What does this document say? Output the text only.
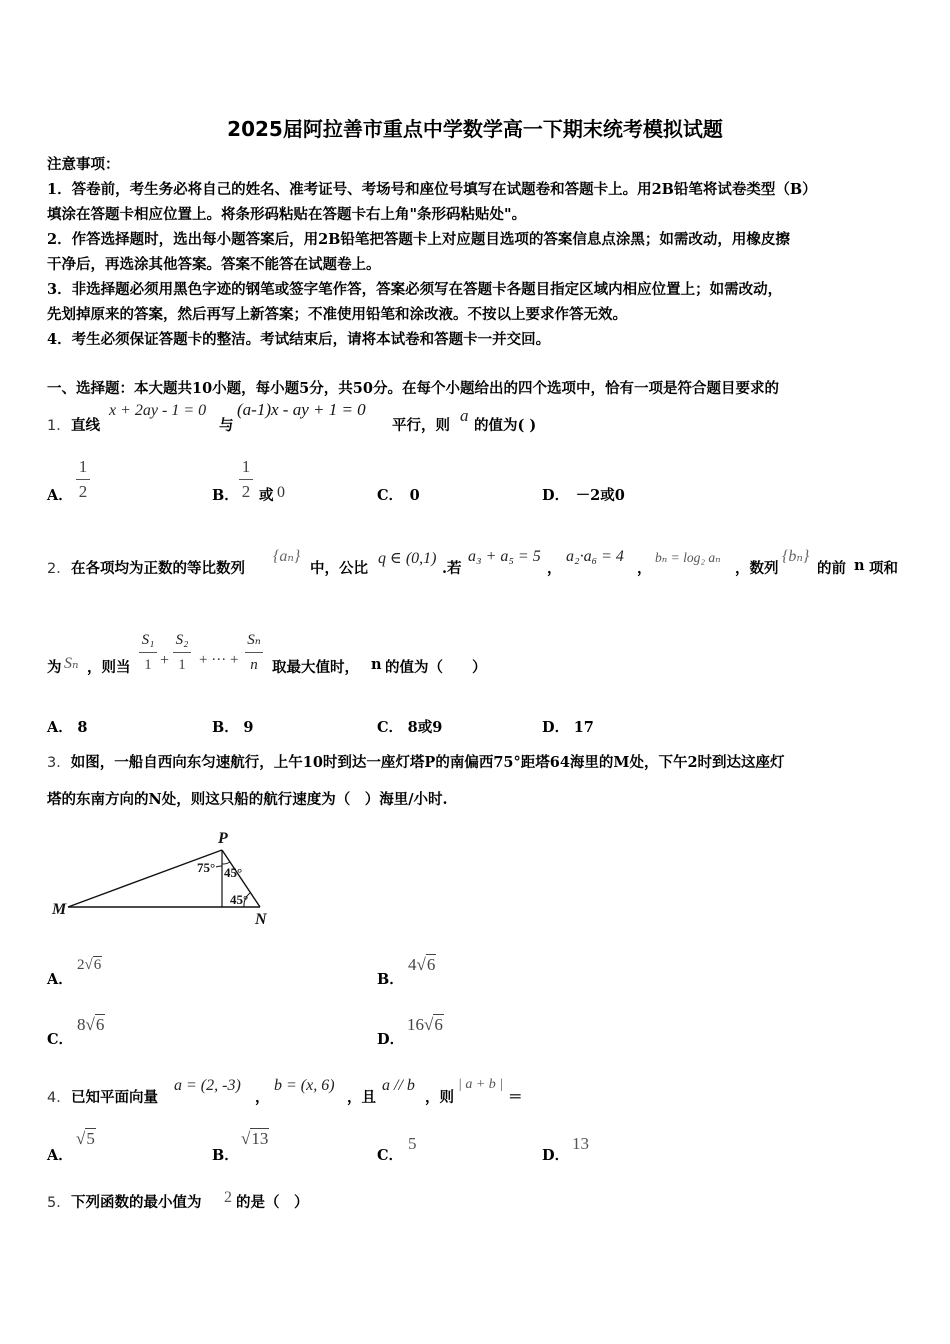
2025届阿拉善市重点中学数学高一下期末统考模拟试题
注意事项：
1．答卷前，考生务必将自己的姓名、准考证号、考场号和座位号填写在试题卷和答题卡上。用2B铅笔将试卷类型（B）
填涂在答题卡相应位置上。将条形码粘贴在答题卡右上角"条形码粘贴处"。
2．作答选择题时，选出每小题答案后，用2B铅笔把答题卡上对应题目选项的答案信息点涂黑；如需改动，用橡皮擦
干净后，再选涂其他答案。答案不能答在试题卷上。
3．非选择题必须用黑色字迹的钢笔或签字笔作答，答案必须写在答题卡各题目指定区域内相应位置上；如需改动，
先划掉原来的答案，然后再写上新答案；不准使用铅笔和涂改液。不按以上要求作答无效。
4．考生必须保证答题卡的整洁。考试结束后，请将本试卷和答题卡一并交回。
一、选择题：本大题共10小题，每小题5分，共50分。在每个小题给出的四个选项中，恰有一项是符合题目要求的
1． 直线
x + 2ay - 1 = 0
与
(a-1)x - ay + 1 = 0
平行，则
a
的值为( )
A．
1
2	B．
1
2 或 0	C． 0	D． －2或0
2． 在各项均为正数的等比数列
{aₙ}
中，公比
q ∈ (0,1)
.若
a₃ + a₅ = 5
，
a₂·a₆ = 4
，
bₙ = log₂ aₙ
，数列
{bₙ}
的前 n 项和
为 Sₙ ，则当
S₁
1 +
S₂
1 + ··· +
Sₙ
n 取最大值时， n 的值为（　　）
A． 8	B． 9	C． 8或9	D． 17
3．如图，一船自西向东匀速航行，上午10时到达一座灯塔P的南偏西75°距塔64海里的M处，下午2时到达这座灯
塔的东南方向的N处，则这只船的航行速度为（　）海里/小时.
P
M
N
75° 45°
45°
A．
2√6
B．
4√6
C．
8√6
D．
16√6
4． 已知平面向量
a = (2, -3)
，
b = (x, 6)
，且
a // b
，则
| a + b |
＝
A．
√5
B．
√13
C．
5
D．
13
5． 下列函数的最小值为 2 的是（　）
